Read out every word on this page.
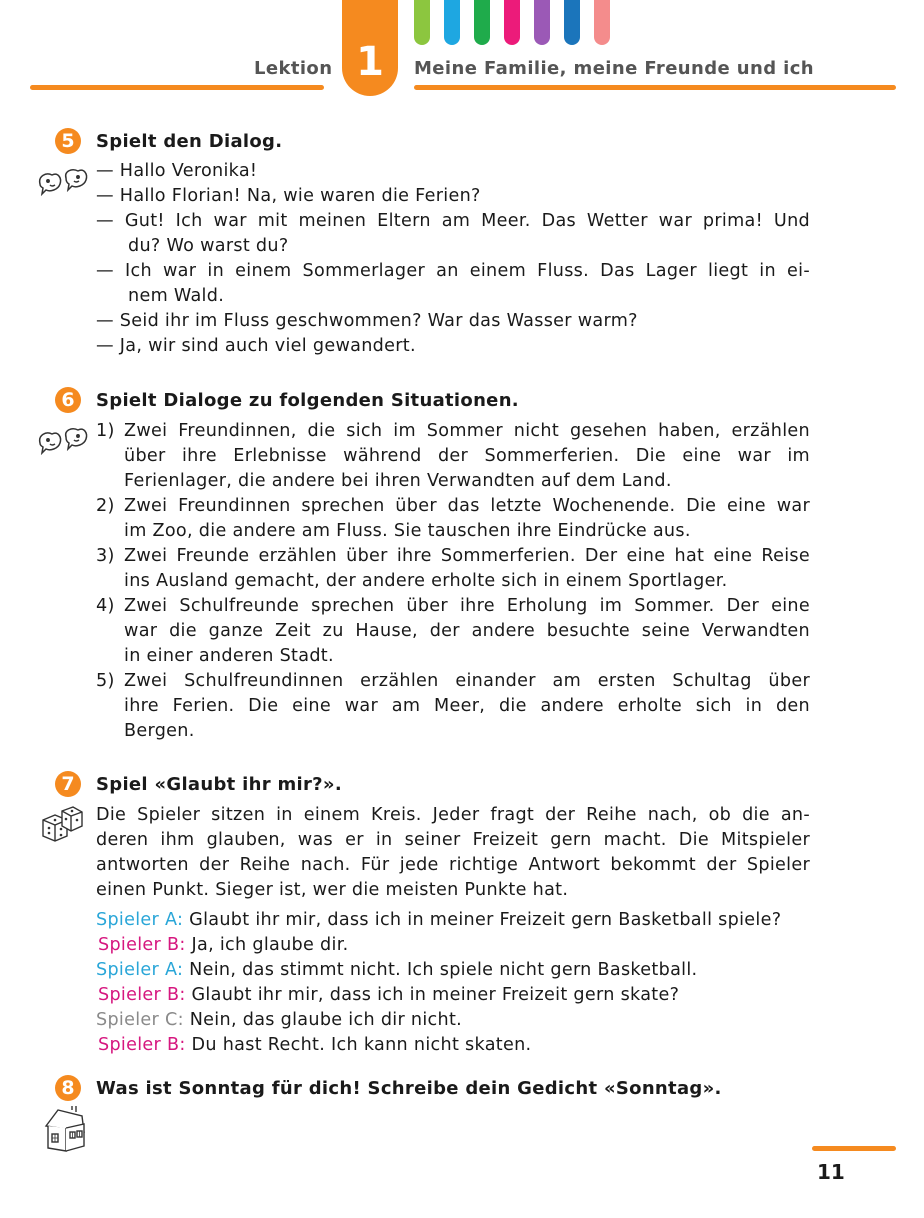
Lektion 1 Meine Familie, meine Freunde und ich
5	Spielt den Dialog.
— Hallo Veronika!
— Hallo Florian! Na, wie waren die Ferien?
— Gut! Ich war mit meinen Eltern am Meer. Das Wetter war prima! Und
du? Wo warst du?
— Ich war in einem Sommerlager an einem Fluss. Das Lager liegt in ei-
nem Wald.
— Seid ihr im Fluss geschwommen? War das Wasser warm?
— Ja, wir sind auch viel gewandert.
6	Spielt Dialoge zu folgenden Situationen.
1) Zwei Freundinnen, die sich im Sommer nicht gesehen haben, erzählen
über ihre Erlebnisse während der Sommerferien. Die eine war im
Ferienlager, die andere bei ihren Verwandten auf dem Land.
2) Zwei Freundinnen sprechen über das letzte Wochenende. Die eine war
im Zoo, die andere am Fluss. Sie tauschen ihre Eindrücke aus.
3) Zwei Freunde erzählen über ihre Sommerferien. Der eine hat eine Reise
ins Ausland gemacht, der andere erholte sich in einem Sportlager.
4) Zwei Schulfreunde sprechen über ihre Erholung im Sommer. Der eine
war die ganze Zeit zu Hause, der andere besuchte seine Verwandten
in einer anderen Stadt.
5) Zwei Schulfreundinnen erzählen einander am ersten Schultag über
ihre Ferien. Die eine war am Meer, die andere erholte sich in den
Bergen.
7	Spiel «Glaubt ihr mir?».
Die Spieler sitzen in einem Kreis. Jeder fragt der Reihe nach, ob die an-
deren ihm glauben, was er in seiner Freizeit gern macht. Die Mitspieler
antworten der Reihe nach. Für jede richtige Antwort bekommt der Spieler
einen Punkt. Sieger ist, wer die meisten Punkte hat.
Spieler A: Glaubt ihr mir, dass ich in meiner Freizeit gern Basketball spiele?
Spieler B: Ja, ich glaube dir.
Spieler A: Nein, das stimmt nicht. Ich spiele nicht gern Basketball.
Spieler B: Glaubt ihr mir, dass ich in meiner Freizeit gern skate?
Spieler C: Nein, das glaube ich dir nicht.
Spieler B: Du hast Recht. Ich kann nicht skaten.
8	Was ist Sonntag für dich! Schreibe dein Gedicht «Sonntag».
11
